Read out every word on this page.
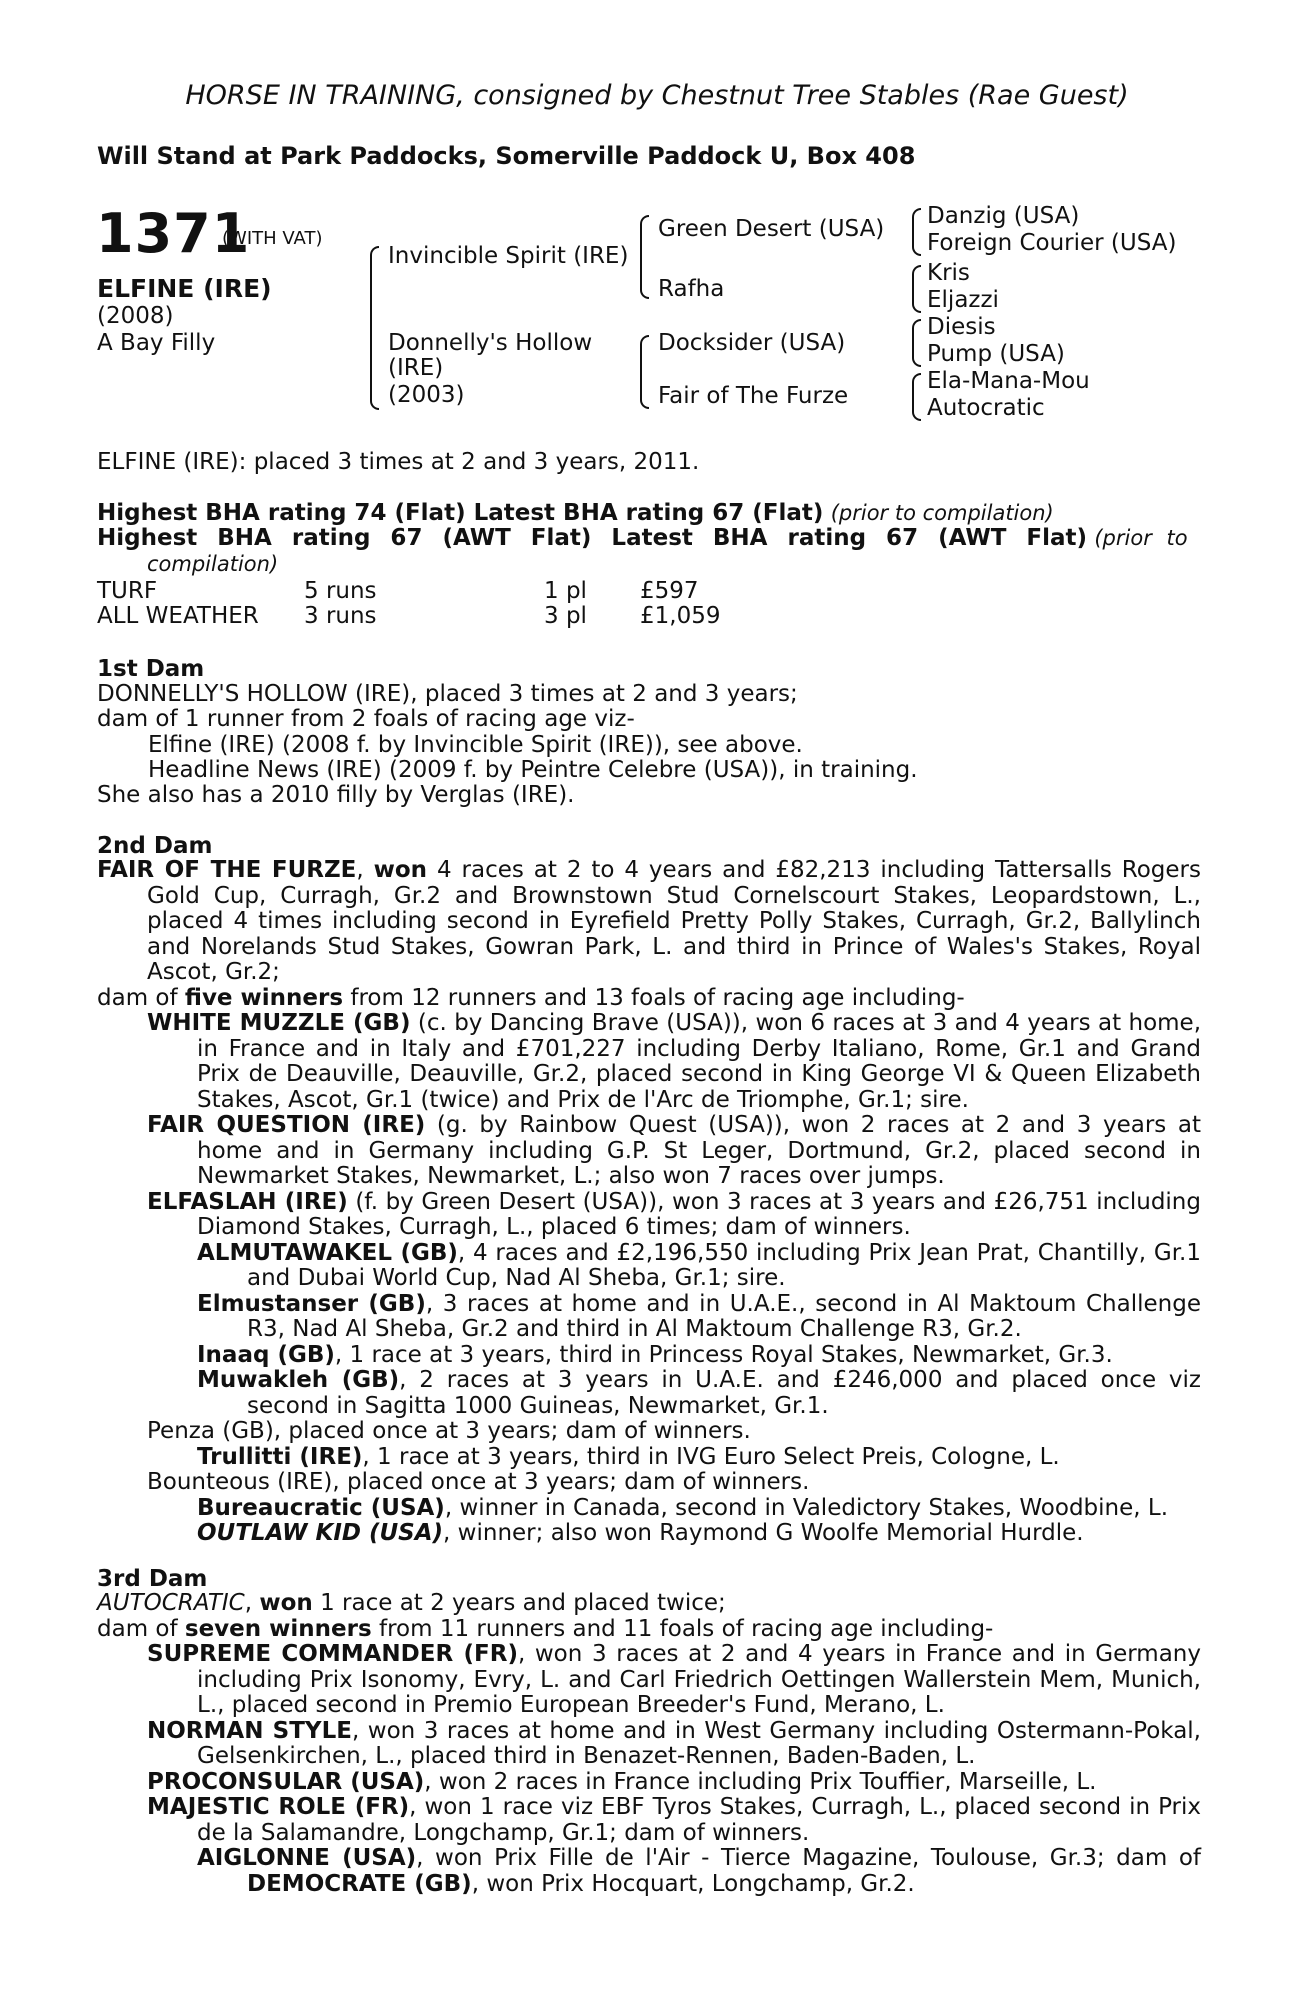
HORSE IN TRAINING, consigned by Chestnut Tree Stables (Rae Guest)
Will Stand at Park Paddocks, Somerville Paddock U, Box 408
1371
(WITH VAT)
ELFINE (IRE)
(2008)
A Bay Filly
Invincible Spirit (IRE)
Donnelly's Hollow
(IRE)
(2003)
Green Desert (USA)
Rafha
Docksider (USA)
Fair of The Furze
Danzig (USA)
Foreign Courier (USA)
Kris
Eljazzi
Diesis
Pump (USA)
Ela-Mana-Mou
Autocratic
ELFINE (IRE): placed 3 times at 2 and 3 years, 2011.
Highest BHA rating 74 (Flat) Latest BHA rating 67 (Flat) (prior to compilation)
Highest BHA rating 67 (AWT Flat) Latest BHA rating 67 (AWT Flat) (prior to compilation)
TURF	5 runs	1 pl £597
ALL WEATHER 3 runs	3 pl £1,059
1st Dam
DONNELLY'S HOLLOW (IRE), placed 3 times at 2 and 3 years;
dam of 1 runner from 2 foals of racing age viz-
Elfine (IRE) (2008 f. by Invincible Spirit (IRE)), see above.
Headline News (IRE) (2009 f. by Peintre Celebre (USA)), in training.
She also has a 2010 filly by Verglas (IRE).
2nd Dam

FAIR OF THE FURZE, won 4 races at 2 to 4 years and £82,213 including Tattersalls Rogers Gold Cup, Curragh, Gr.2 and Brownstown Stud Cornelscourt Stakes, Leopardstown, L., placed 4 times including second in Eyrefield Pretty Polly Stakes, Curragh, Gr.2, Ballylinch and Norelands Stud Stakes, Gowran Park, L. and third in Prince of Wales's Stakes, Royal Ascot, Gr.2;

dam of five winners from 12 runners and 13 foals of racing age including-

WHITE MUZZLE (GB) (c. by Dancing Brave (USA)), won 6 races at 3 and 4 years at home, in France and in Italy and £701,227 including Derby Italiano, Rome, Gr.1 and Grand Prix de Deauville, Deauville, Gr.2, placed second in King George VI & Queen Elizabeth Stakes, Ascot, Gr.1 (twice) and Prix de l'Arc de Triomphe, Gr.1; sire.

FAIR QUESTION (IRE) (g. by Rainbow Quest (USA)), won 2 races at 2 and 3 years at home and in Germany including G.P. St Leger, Dortmund, Gr.2, placed second in Newmarket Stakes, Newmarket, L.; also won 7 races over jumps.

ELFASLAH (IRE) (f. by Green Desert (USA)), won 3 races at 3 years and £26,751 including Diamond Stakes, Curragh, L., placed 6 times; dam of winners.

ALMUTAWAKEL (GB), 4 races and £2,196,550 including Prix Jean Prat, Chantilly, Gr.1 and Dubai World Cup, Nad Al Sheba, Gr.1; sire.

Elmustanser (GB), 3 races at home and in U.A.E., second in Al Maktoum Challenge R3, Nad Al Sheba, Gr.2 and third in Al Maktoum Challenge R3, Gr.2.

Inaaq (GB), 1 race at 3 years, third in Princess Royal Stakes, Newmarket, Gr.3.

Muwakleh (GB), 2 races at 3 years in U.A.E. and £246,000 and placed once viz second in Sagitta 1000 Guineas, Newmarket, Gr.1.

Penza (GB), placed once at 3 years; dam of winners.

Trullitti (IRE), 1 race at 3 years, third in IVG Euro Select Preis, Cologne, L.

Bounteous (IRE), placed once at 3 years; dam of winners.

Bureaucratic (USA), winner in Canada, second in Valedictory Stakes, Woodbine, L.

OUTLAW KID (USA), winner; also won Raymond G Woolfe Memorial Hurdle.

3rd Dam

AUTOCRATIC, won 1 race at 2 years and placed twice;

dam of seven winners from 11 runners and 11 foals of racing age including-

SUPREME COMMANDER (FR), won 3 races at 2 and 4 years in France and in Germany including Prix Isonomy, Evry, L. and Carl Friedrich Oettingen Wallerstein Mem, Munich, L., placed second in Premio European Breeder's Fund, Merano, L.

NORMAN STYLE, won 3 races at home and in West Germany including Ostermann-Pokal, Gelsenkirchen, L., placed third in Benazet-Rennen, Baden-Baden, L.

PROCONSULAR (USA), won 2 races in France including Prix Touffier, Marseille, L.

MAJESTIC ROLE (FR), won 1 race viz EBF Tyros Stakes, Curragh, L., placed second in Prix de la Salamandre, Longchamp, Gr.1; dam of winners.

AIGLONNE (USA), won Prix Fille de l'Air - Tierce Magazine, Toulouse, Gr.3; dam of DEMOCRATE (GB), won Prix Hocquart, Longchamp, Gr.2.
